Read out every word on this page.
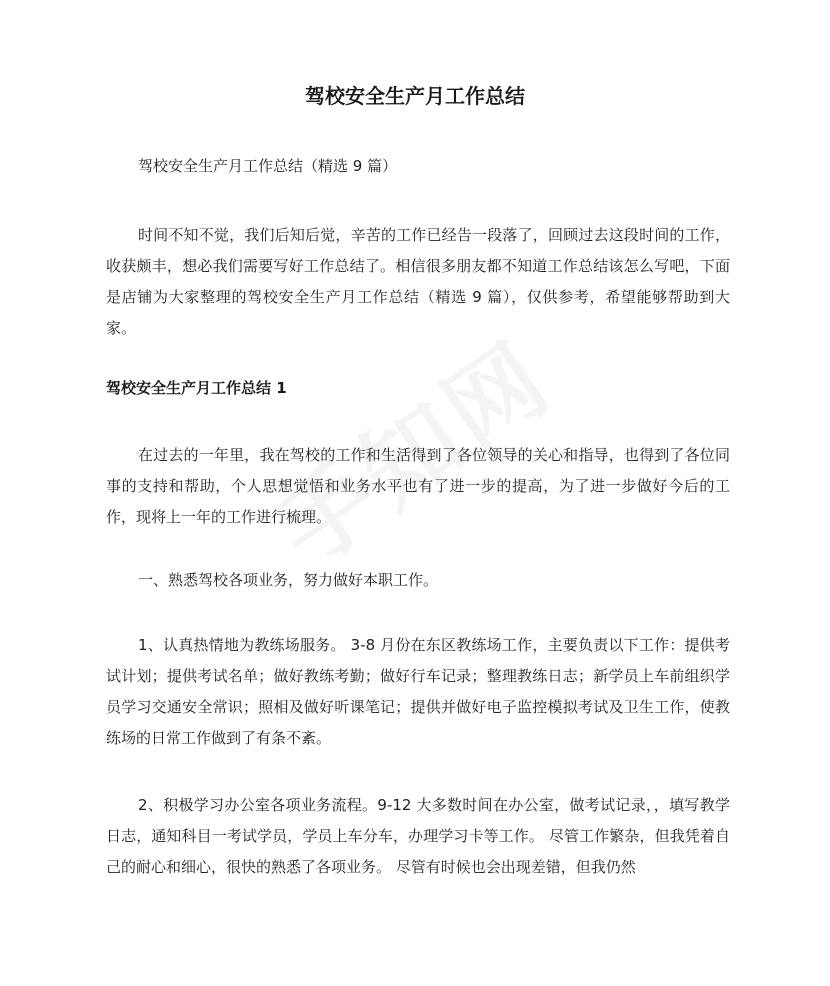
驾校安全生产月工作总结

驾校安全生产月工作总结（精选 9 篇）

时间不知不觉，我们后知后觉，辛苦的工作已经告一段落了，回顾过去这段时间的工作，收获颇丰，想必我们需要写好工作总结了。相信很多朋友都不知道工作总结该怎么写吧，下面是店铺为大家整理的驾校安全生产月工作总结（精选 9 篇），仅供参考，希望能够帮助到大家。

驾校安全生产月工作总结 1

在过去的一年里，我在驾校的工作和生活得到了各位领导的关心和指导，也得到了各位同事的支持和帮助，个人思想觉悟和业务水平也有了进一步的提高，为了进一步做好今后的工作，现将上一年的工作进行梳理。

一、熟悉驾校各项业务，努力做好本职工作。

1、认真热情地为教练场服务。 3-8 月份在东区教练场工作，主要负责以下工作：提供考试计划；提供考试名单；做好教练考勤；做好行车记录；整理教练日志；新学员上车前组织学员学习交通安全常识；照相及做好听课笔记；提供并做好电子监控模拟考试及卫生工作，使教练场的日常工作做到了有条不紊。

2、积极学习办公室各项业务流程。9-12 大多数时间在办公室，做考试记录，，填写教学日志，通知科目一考试学员，学员上车分车，办理学习卡等工作。 尽管工作繁杂，但我凭着自己的耐心和细心，很快的熟悉了各项业务。 尽管有时候也会出现差错，但我仍然
